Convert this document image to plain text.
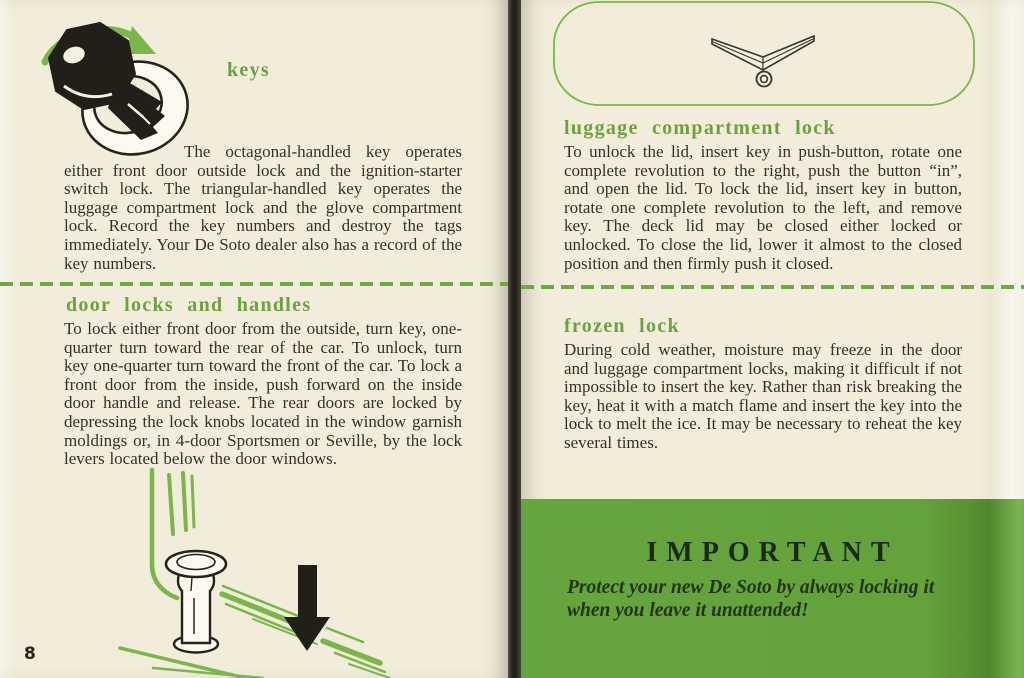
keys
The octagonal-handled key operates either front door outside lock and the ignition-starter switch lock. The triangular-handled key operates the luggage compartment lock and the glove compartment lock. Record the key numbers and destroy the tags immediately. Your De Soto dealer also has a record of the key numbers.
door locks and handles
To lock either front door from the outside, turn key, one-quarter turn toward the rear of the car. To unlock, turn key one-quarter turn toward the front of the car. To lock a front door from the inside, push forward on the inside door handle and release. The rear doors are locked by depressing the lock knobs located in the window garnish moldings or, in 4-door Sportsmen or Seville, by the lock levers located below the door windows.
8
luggage compartment lock
To unlock the lid, insert key in push-button, rotate one complete revolution to the right, push the button “in”, and open the lid. To lock the lid, insert key in button, rotate one complete revolution to the left, and remove key. The deck lid may be closed either locked or unlocked. To close the lid, lower it almost to the closed position and then firmly push it closed.
frozen lock
During cold weather, moisture may freeze in the door and luggage compartment locks, making it difficult if not impossible to insert the key. Rather than risk breaking the key, heat it with a match flame and insert the key into the lock to melt the ice. It may be necessary to reheat the key several times.
IMPORTANT
Protect your new De Soto by always locking it when you leave it unattended!
